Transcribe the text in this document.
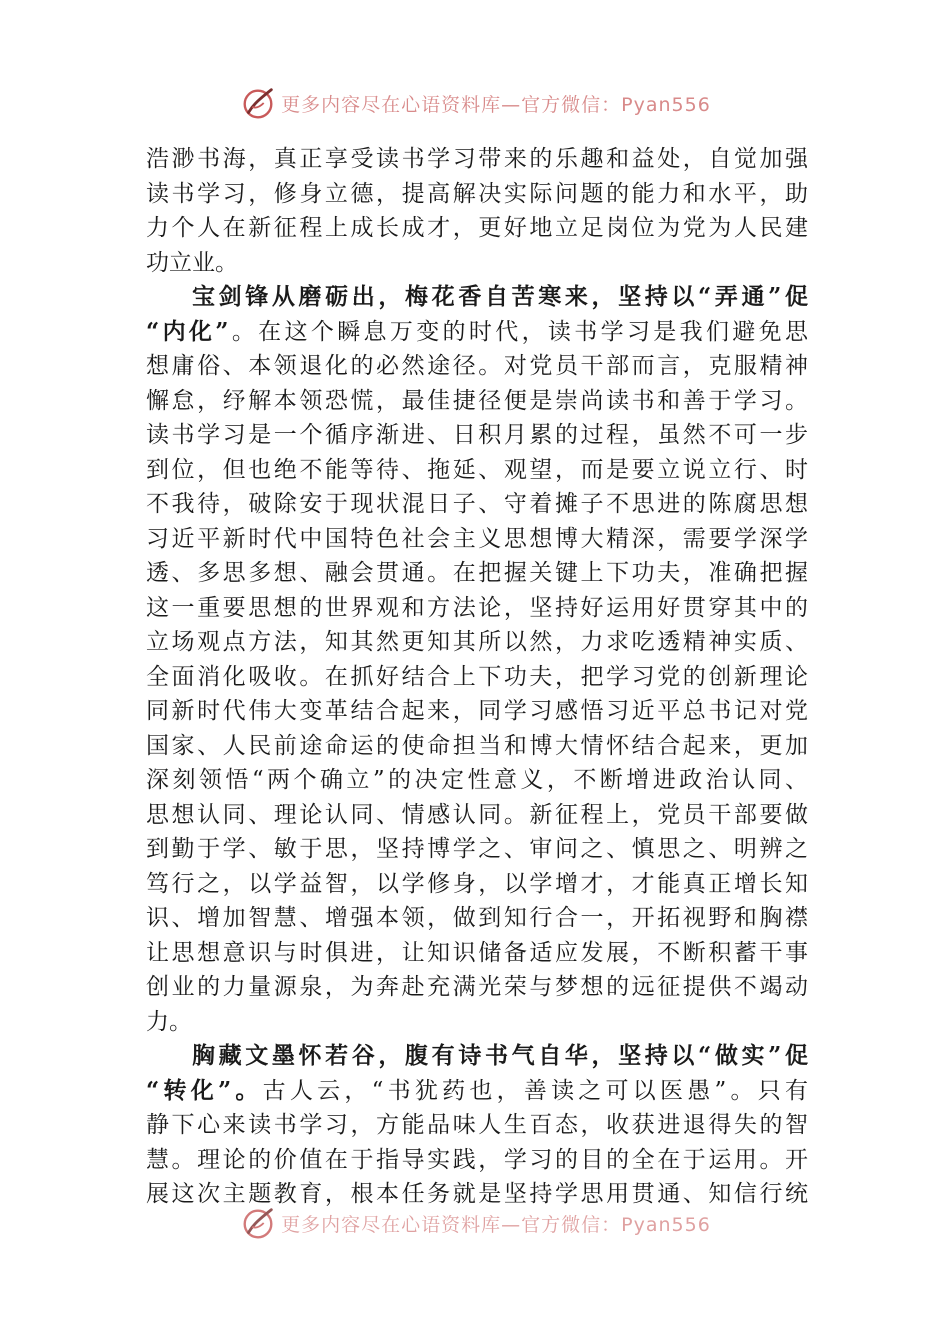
更多内容尽在心语资料库—官方微信：Pyan556
浩渺书海，真正享受读书学习带来的乐趣和益处，自觉加强
读书学习，修身立德，提高解决实际问题的能力和水平，助
力个人在新征程上成长成才，更好地立足岗位为党为人民建
功立业。
宝剑锋从磨砺出，梅花香自苦寒来，坚持以“弄通”促
“内化”。在这个瞬息万变的时代，读书学习是我们避免思
想庸俗、本领退化的必然途径。对党员干部而言，克服精神
懈怠，纾解本领恐慌，最佳捷径便是崇尚读书和善于学习。
读书学习是一个循序渐进、日积月累的过程，虽然不可一步
到位，但也绝不能等待、拖延、观望，而是要立说立行、时
不我待，破除安于现状混日子、守着摊子不思进的陈腐思想
习近平新时代中国特色社会主义思想博大精深，需要学深学
透、多思多想、融会贯通。在把握关键上下功夫，准确把握
这一重要思想的世界观和方法论，坚持好运用好贯穿其中的
立场观点方法，知其然更知其所以然，力求吃透精神实质、
全面消化吸收。在抓好结合上下功夫，把学习党的创新理论
同新时代伟大变革结合起来，同学习感悟习近平总书记对党
国家、人民前途命运的使命担当和博大情怀结合起来，更加
深刻领悟“两个确立”的决定性意义，不断增进政治认同、
思想认同、理论认同、情感认同。新征程上，党员干部要做
到勤于学、敏于思，坚持博学之、审问之、慎思之、明辨之
笃行之，以学益智，以学修身，以学增才，才能真正增长知
识、增加智慧、增强本领，做到知行合一，开拓视野和胸襟
让思想意识与时俱进，让知识储备适应发展，不断积蓄干事
创业的力量源泉，为奔赴充满光荣与梦想的远征提供不竭动
力。
胸藏文墨怀若谷，腹有诗书气自华，坚持以“做实”促
“转化”。古人云，“书犹药也，善读之可以医愚”。只有
静下心来读书学习，方能品味人生百态，收获进退得失的智
慧。理论的价值在于指导实践，学习的目的全在于运用。开
展这次主题教育，根本任务就是坚持学思用贯通、知信行统
更多内容尽在心语资料库—官方微信：Pyan556
